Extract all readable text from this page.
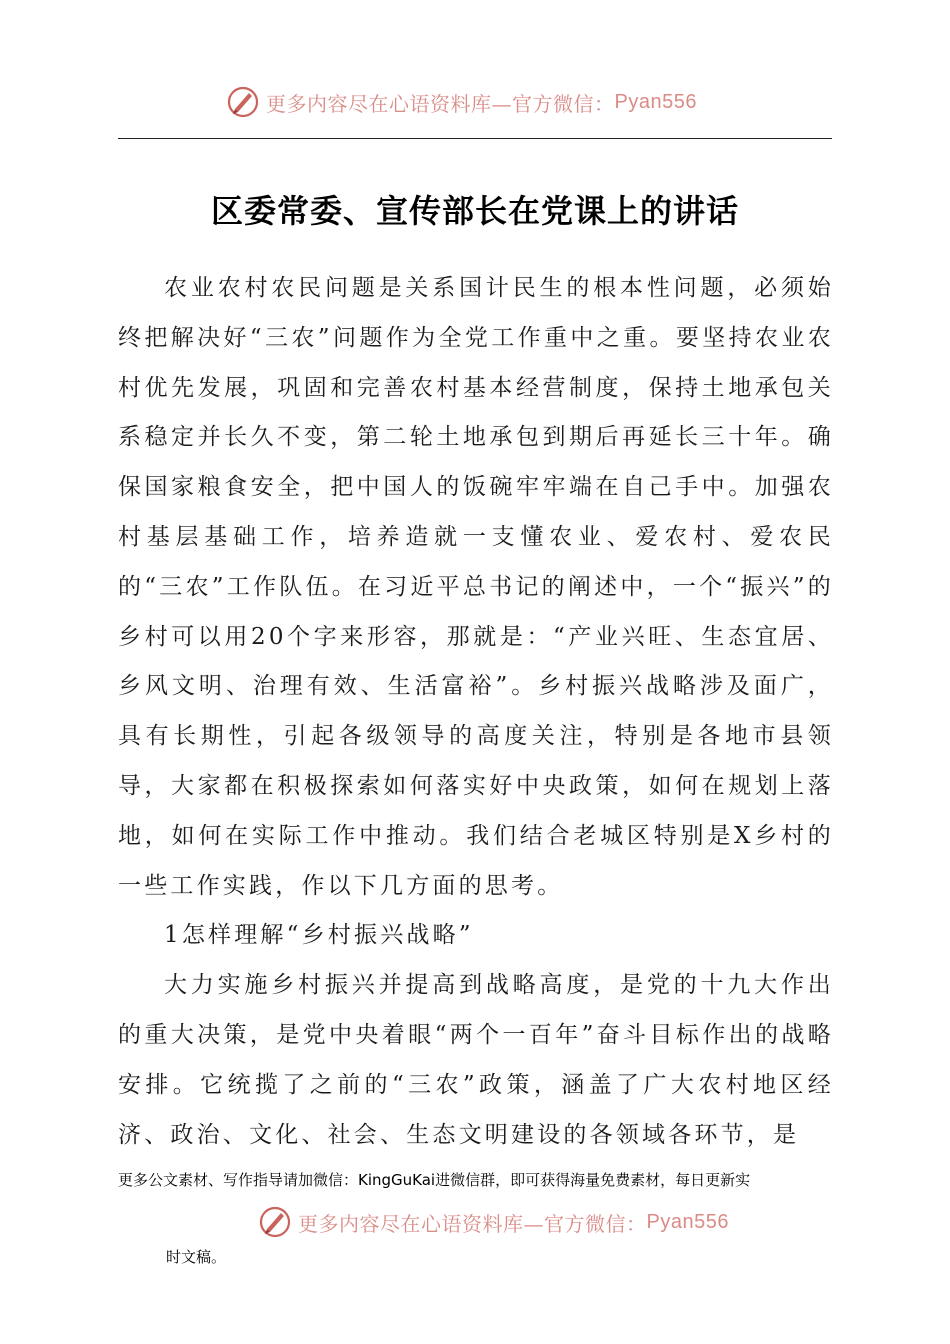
更多内容尽在心语资料库—官方微信： Pyan556
区委常委、宣传部长在党课上的讲话

农业农村农民问题是关系国计民生的根本性问题，必须始终把解决好“三农”问题作为全党工作重中之重。要坚持农业农村优先发展，巩固和完善农村基本经营制度，保持土地承包关系稳定并长久不变，第二轮土地承包到期后再延长三十年。确保国家粮食安全，把中国人的饭碗牢牢端在自己手中。加强农村基层基础工作，培养造就一支懂农业、爱农村、爱农民的“三农”工作队伍。在习近平总书记的阐述中，一个“振兴”的乡村可以用20个字来形容，那就是：“产业兴旺、生态宜居、乡风文明、治理有效、生活富裕”。乡村振兴战略涉及面广，具有长期性，引起各级领导的高度关注，特别是各地市县领导，大家都在积极探索如何落实好中央政策，如何在规划上落地，如何在实际工作中推动。我们结合老城区特别是X乡村的一些工作实践，作以下几方面的思考。

1怎样理解“乡村振兴战略”

大力实施乡村振兴并提高到战略高度，是党的十九大作出的重大决策，是党中央着眼“两个一百年”奋斗目标作出的战略安排。它统揽了之前的“三农”政策，涵盖了广大农村地区经济、政治、文化、社会、生态文明建设的各领域各环节，是

更多公文素材、写作指导请加微信：KingGuKai进微信群，即可获得海量免费素材，每日更新实
更多内容尽在心语资料库—官方微信： Pyan556
时文稿。
